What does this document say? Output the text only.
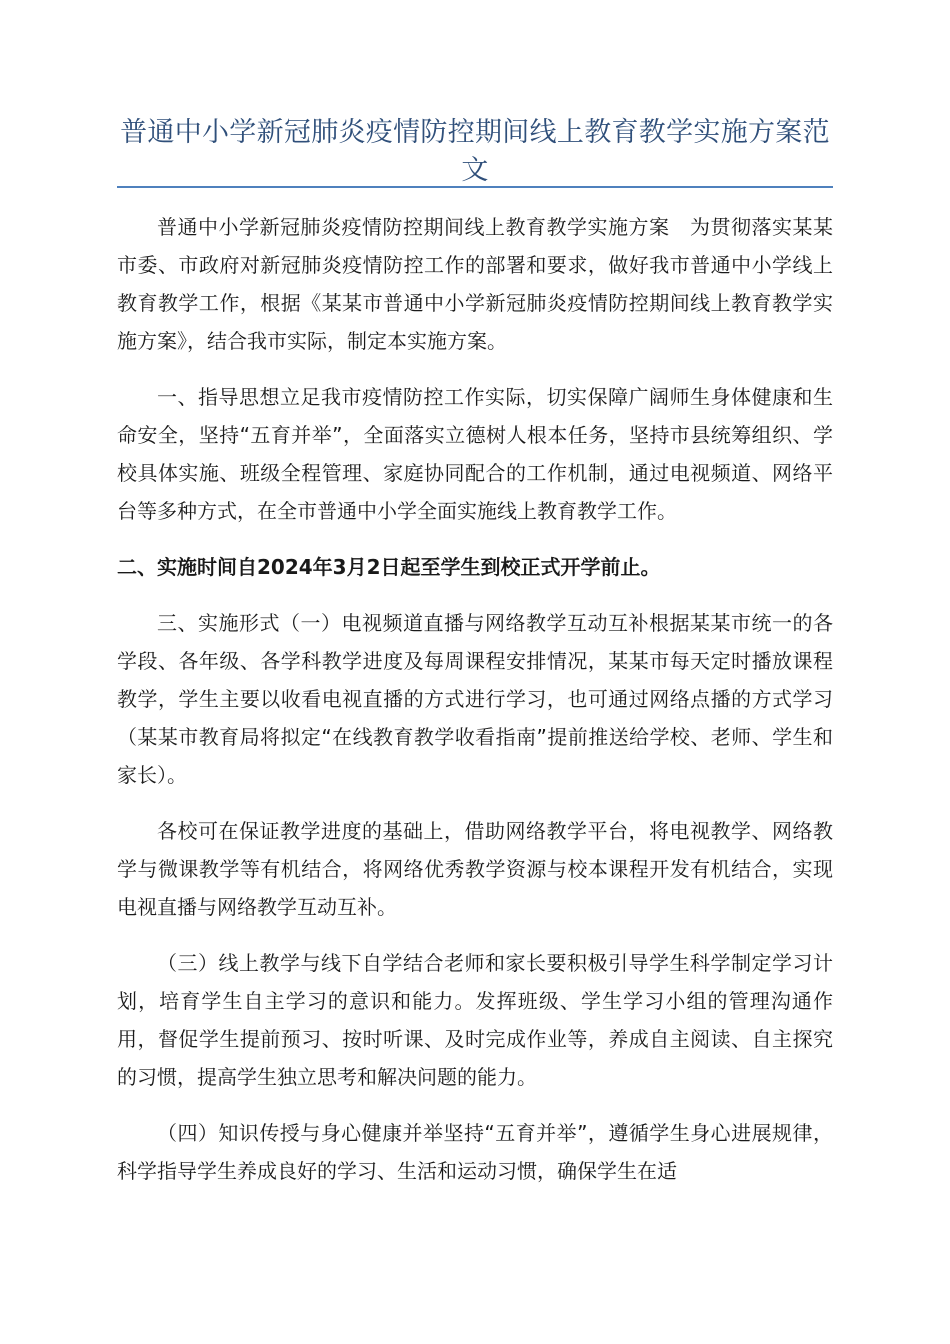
普通中小学新冠肺炎疫情防控期间线上教育教学实施方案范文

普通中小学新冠肺炎疫情防控期间线上教育教学实施方案　为贯彻落实某某市委、市政府对新冠肺炎疫情防控工作的部署和要求，做好我市普通中小学线上教育教学工作，根据《某某市普通中小学新冠肺炎疫情防控期间线上教育教学实施方案》，结合我市实际，制定本实施方案。

一、指导思想立足我市疫情防控工作实际，切实保障广阔师生身体健康和生命安全，坚持“五育并举”，全面落实立德树人根本任务，坚持市县统筹组织、学校具体实施、班级全程管理、家庭协同配合的工作机制，通过电视频道、网络平台等多种方式，在全市普通中小学全面实施线上教育教学工作。

二、实施时间自2024年3月2日起至学生到校正式开学前止。

三、实施形式（一）电视频道直播与网络教学互动互补根据某某市统一的各学段、各年级、各学科教学进度及每周课程安排情况，某某市每天定时播放课程教学，学生主要以收看电视直播的方式进行学习，也可通过网络点播的方式学习（某某市教育局将拟定“在线教育教学收看指南”提前推送给学校、老师、学生和家长）。

各校可在保证教学进度的基础上，借助网络教学平台，将电视教学、网络教学与微课教学等有机结合，将网络优秀教学资源与校本课程开发有机结合，实现电视直播与网络教学互动互补。

（三）线上教学与线下自学结合老师和家长要积极引导学生科学制定学习计划，培育学生自主学习的意识和能力。发挥班级、学生学习小组的管理沟通作用，督促学生提前预习、按时听课、及时完成作业等，养成自主阅读、自主探究的习惯，提高学生独立思考和解决问题的能力。

（四）知识传授与身心健康并举坚持“五育并举”，遵循学生身心进展规律，科学指导学生养成良好的学习、生活和运动习惯，确保学生在适
